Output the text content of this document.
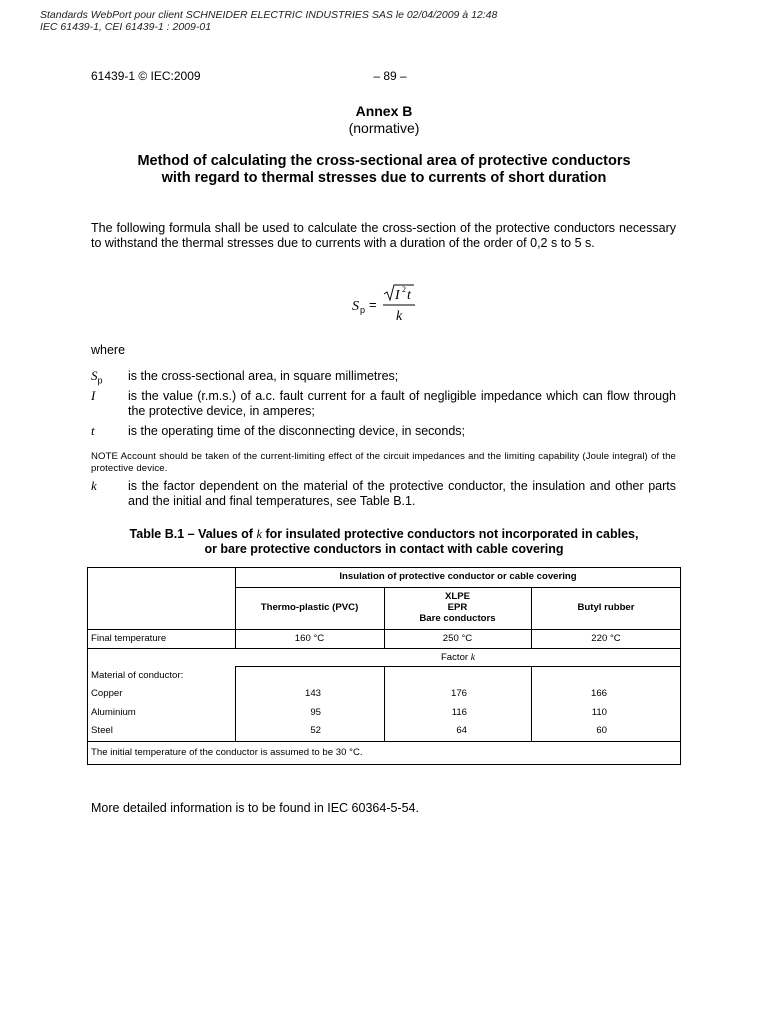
Standards WebPort pour client SCHNEIDER ELECTRIC INDUSTRIES SAS le 02/04/2009 à 12:48
IEC 61439-1, CEI 61439-1 : 2009-01
61439-1 © IEC:2009	– 89 –
Annex B
(normative)
Method of calculating the cross-sectional area of protective conductors
with regard to thermal stresses due to currents of short duration
The following formula shall be used to calculate the cross-section of the protective conductors necessary to withstand the thermal stresses due to currents with a duration of the order of 0,2 s to 5 s.
S p =
I 2 t
k
where
$S_p$ is the cross-sectional area, in square millimetres;
I	is the value (r.m.s.) of a.c. fault current for a fault of negligible impedance which can flow through the protective device, in amperes;
t	is the operating time of the disconnecting device, in seconds;
NOTE Account should be taken of the current-limiting effect of the circuit impedances and the limiting capability (Joule integral) of the protective device.
k is the factor dependent on the material of the protective conductor, the insulation and other parts and the initial and final temperatures, see Table B.1.
Table B.1 – Values of k for insulated protective conductors not incorporated in cables,
or bare protective conductors in contact with cable covering
Insulation of protective conductor or cable covering
Thermo-plastic (PVC)
XLPE
EPR
Bare conductors
Butyl rubber
Final temperature	160 °C	250 °C	220 °C
Factor k
Material of conductor:
Copper	143	176	166
Aluminium	95	116	110
Steel	52	64	60
The initial temperature of the conductor is assumed to be 30 °C.
More detailed information is to be found in IEC 60364-5-54.
